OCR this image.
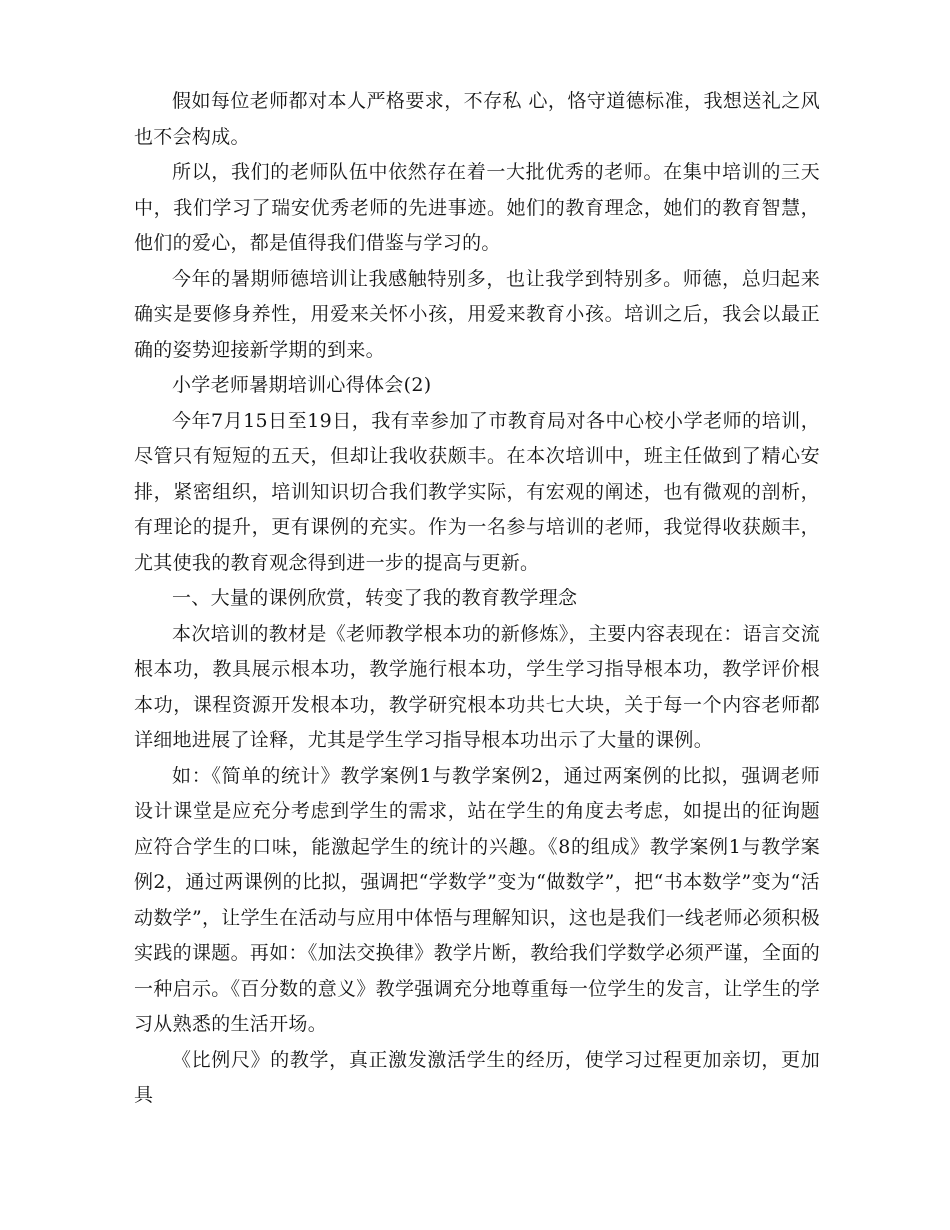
假如每位老师都对本人严格要求，不存私 心，恪守道德标准，我想送礼之风也不会构成。

所以，我们的老师队伍中依然存在着一大批优秀的老师。在集中培训的三天中，我们学习了瑞安优秀老师的先进事迹。她们的教育理念，她们的教育智慧，他们的爱心，都是值得我们借鉴与学习的。

今年的暑期师德培训让我感触特别多，也让我学到特别多。师德，总归起来确实是要修身养性，用爱来关怀小孩，用爱来教育小孩。培训之后，我会以最正确的姿势迎接新学期的到来。

小学老师暑期培训心得体会(2)

今年7月15日至19日，我有幸参加了市教育局对各中心校小学老师的培训，尽管只有短短的五天，但却让我收获颇丰。在本次培训中，班主任做到了精心安排，紧密组织，培训知识切合我们教学实际，有宏观的阐述，也有微观的剖析，有理论的提升，更有课例的充实。作为一名参与培训的老师，我觉得收获颇丰，尤其使我的教育观念得到进一步的提高与更新。

一、大量的课例欣赏，转变了我的教育教学理念

本次培训的教材是《老师教学根本功的新修炼》，主要内容表现在：语言交流根本功，教具展示根本功，教学施行根本功，学生学习指导根本功，教学评价根本功，课程资源开发根本功，教学研究根本功共七大块，关于每一个内容老师都详细地进展了诠释，尤其是学生学习指导根本功出示了大量的课例。

如：《简单的统计》教学案例1与教学案例2，通过两案例的比拟，强调老师设计课堂是应充分考虑到学生的需求，站在学生的角度去考虑，如提出的征询题应符合学生的口味，能激起学生的统计的兴趣。《8的组成》教学案例1与教学案例2，通过两课例的比拟，强调把“学数学”变为“做数学”，把“书本数学”变为“活动数学”，让学生在活动与应用中体悟与理解知识，这也是我们一线老师必须积极实践的课题。再如：《加法交换律》教学片断，教给我们学数学必须严谨，全面的一种启示。《百分数的意义》教学强调充分地尊重每一位学生的发言，让学生的学习从熟悉的生活开场。

《比例尺》的教学，真正激发激活学生的经历，使学习过程更加亲切，更加具
